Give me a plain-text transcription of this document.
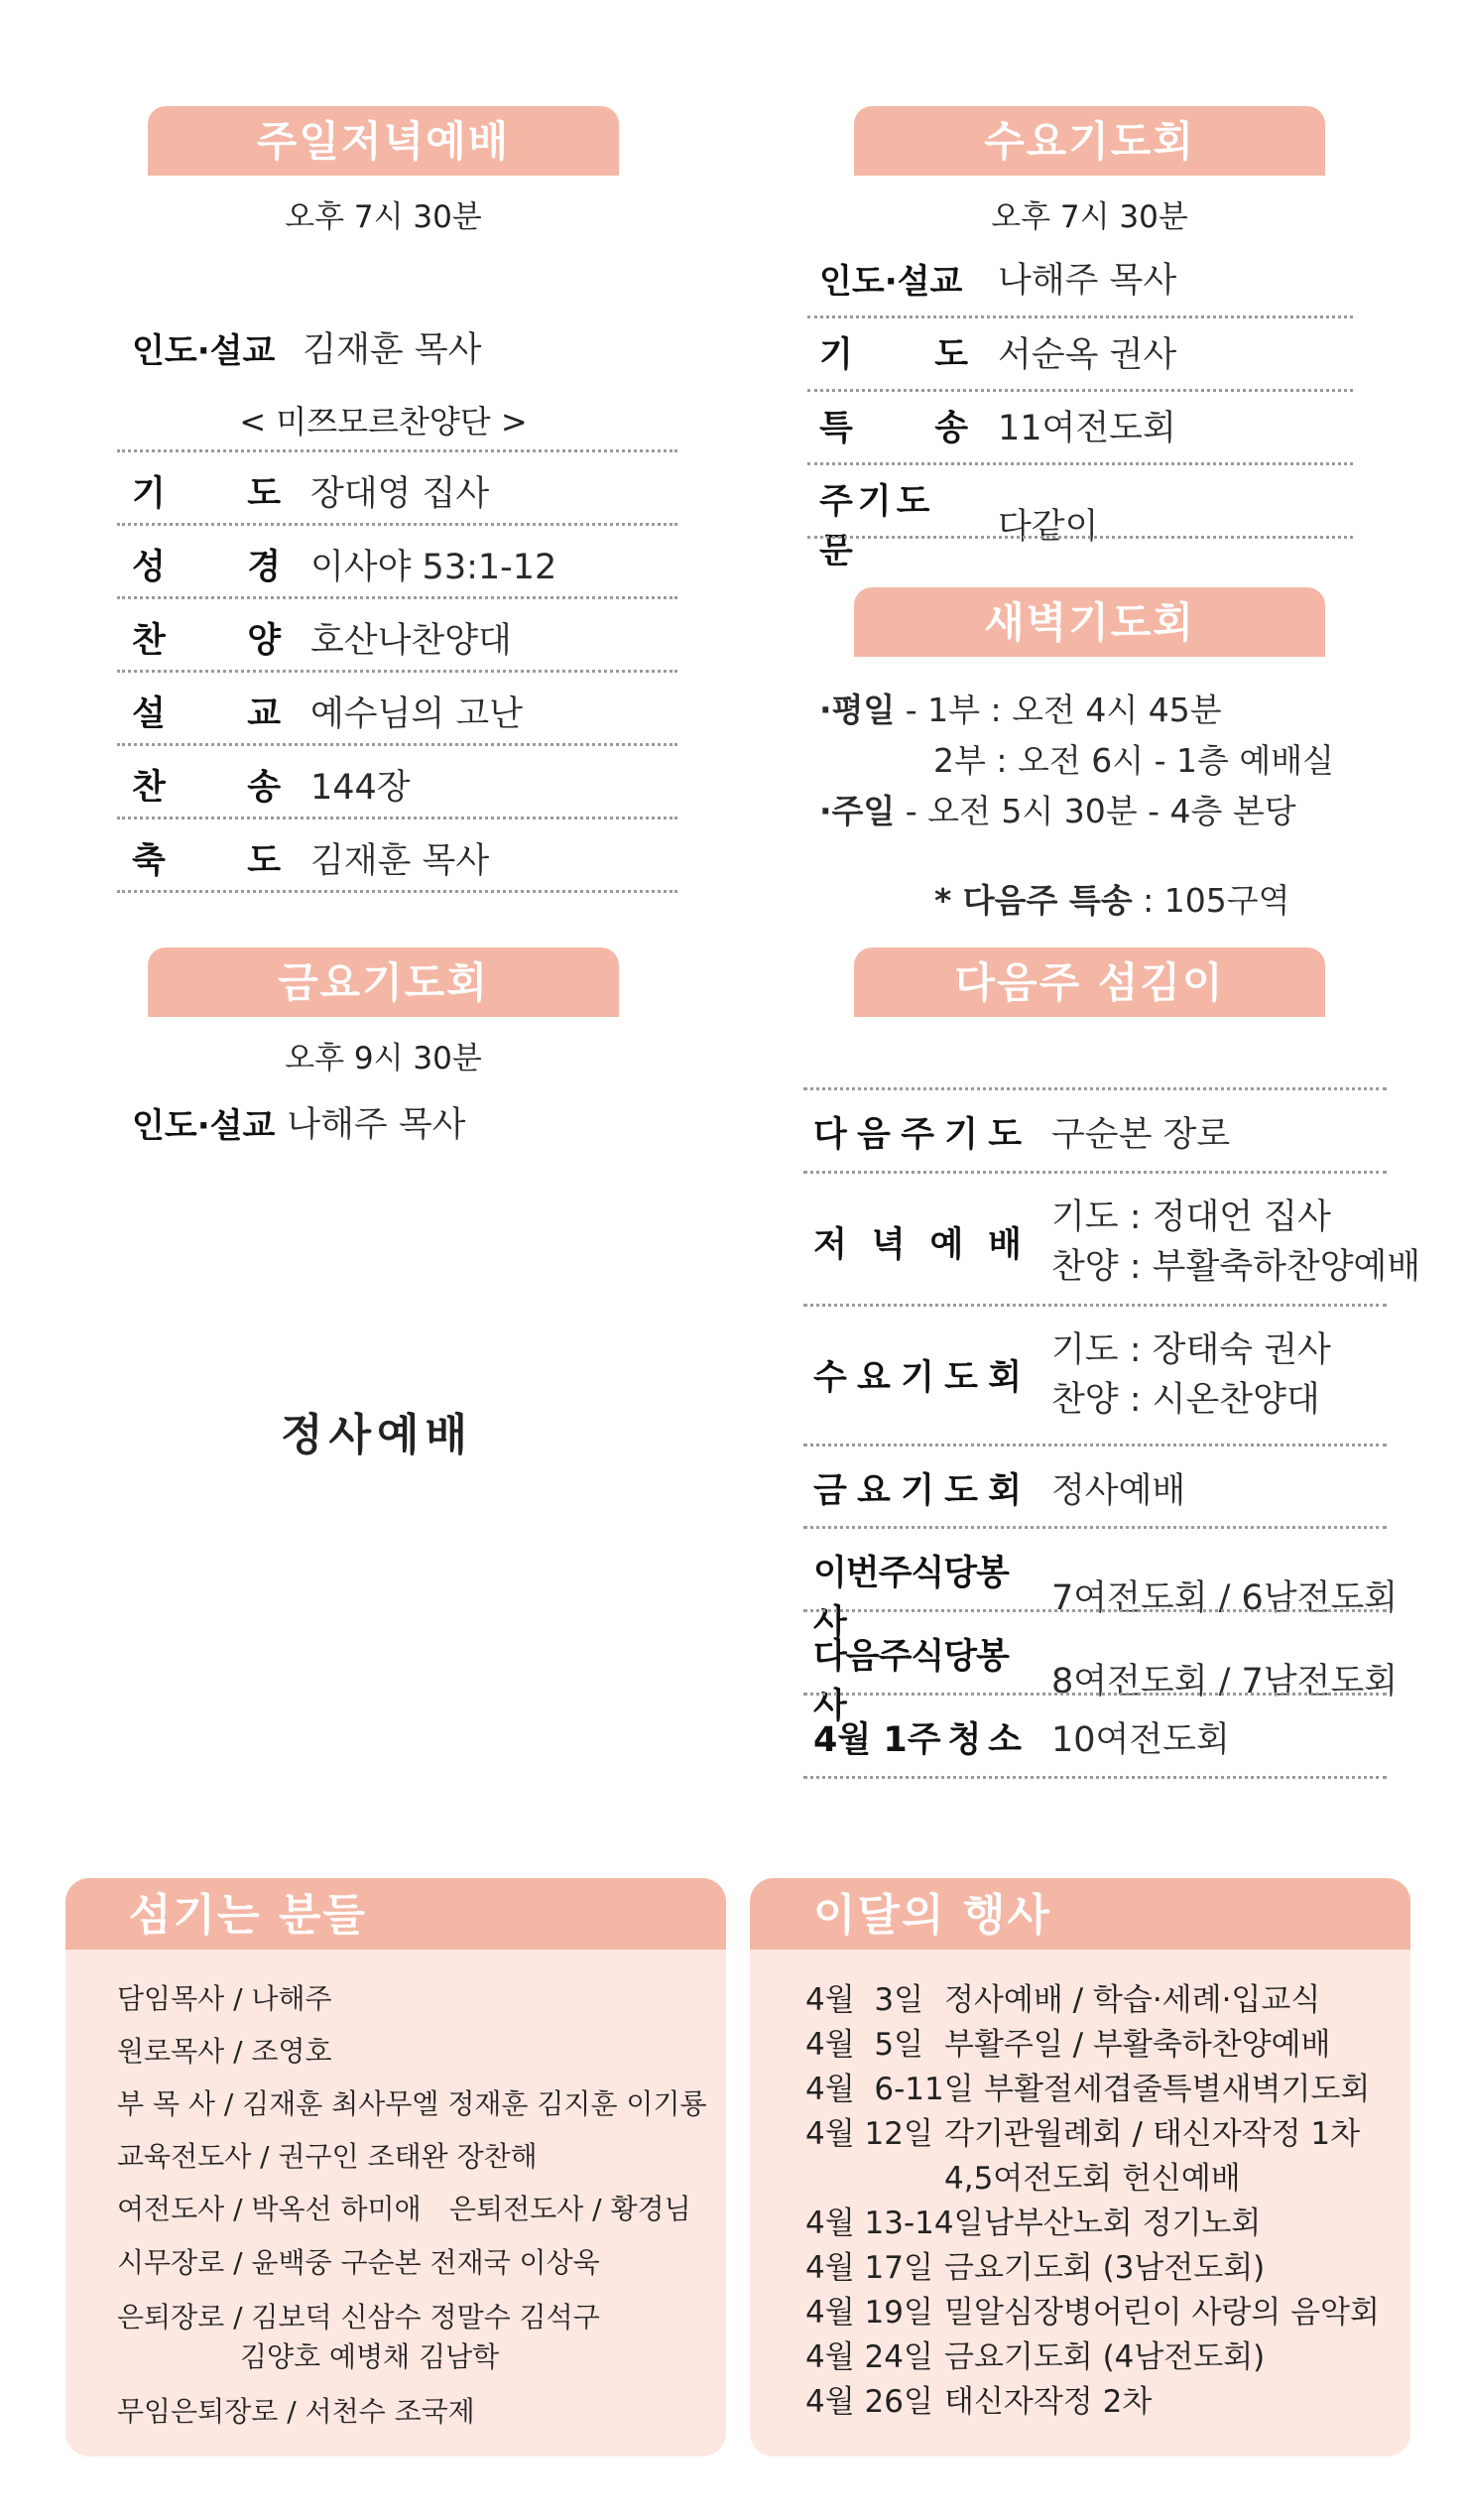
주일저녁예배
오후 7시 30분
인도·설교 김재훈 목사
< 미쯔모르찬양단 >
기 도 장대영 집사
성 경 이사야 53:1-12
찬 양 호산나찬양대
설 교 예수님의 고난
찬 송 144장
축 도 김재훈 목사
금요기도회
오후 9시 30분
인도·설교 나해주 목사
정사예배
수요기도회
오후 7시 30분
인도·설교 나해주 목사
기 도 서순옥 권사
특 송 11여전도회
주기도문
다같이
새벽기도회
·평일 - 1부 : 오전 4시 45분
2부 : 오전 6시 - 1층 예배실
·주일 - 오전 5시 30분 - 4층 본당
* 다음주 특송 : 105구역
다음주 섬김이
다 음 주 기 도 구순본 장로
저 녁 예 배
기도 : 정대언 집사
찬양 : 부활축하찬양예배
수 요 기 도 회
기도 : 장태숙 권사
찬양 : 시온찬양대
금 요 기 도 회 정사예배
이번주식당봉사
7여전도회 / 6남전도회
다음주식당봉사
8여전도회 / 7남전도회
4월 1주 청 소 10여전도회
섬기는 분들
담임목사 / 나해주
원로목사 / 조영호
부 목 사 / 김재훈 최사무엘 정재훈 김지훈 이기룡
교육전도사 / 권구인 조태완 장찬해
여전도사 / 박옥선 하미애 은퇴전도사 / 황경님
시무장로 / 윤백중 구순본 전재국 이상욱
은퇴장로 / 김보덕 신삼수 정말수 김석구
김양호 예병채 김남학
무임은퇴장로 / 서천수 조국제
이달의 행사
4월  3일 정사예배 / 학습·세례·입교식
4월  5일 부활주일 / 부활축하찬양예배
4월  6-11일 부활절세겹줄특별새벽기도회
4월 12일 각기관월례회 / 태신자작정 1차
4,5여전도회 헌신예배
4월 13-14일남부산노회 정기노회
4월 17일 금요기도회 (3남전도회)
4월 19일 밀알심장병어린이 사랑의 음악회
4월 24일 금요기도회 (4남전도회)
4월 26일 태신자작정 2차
